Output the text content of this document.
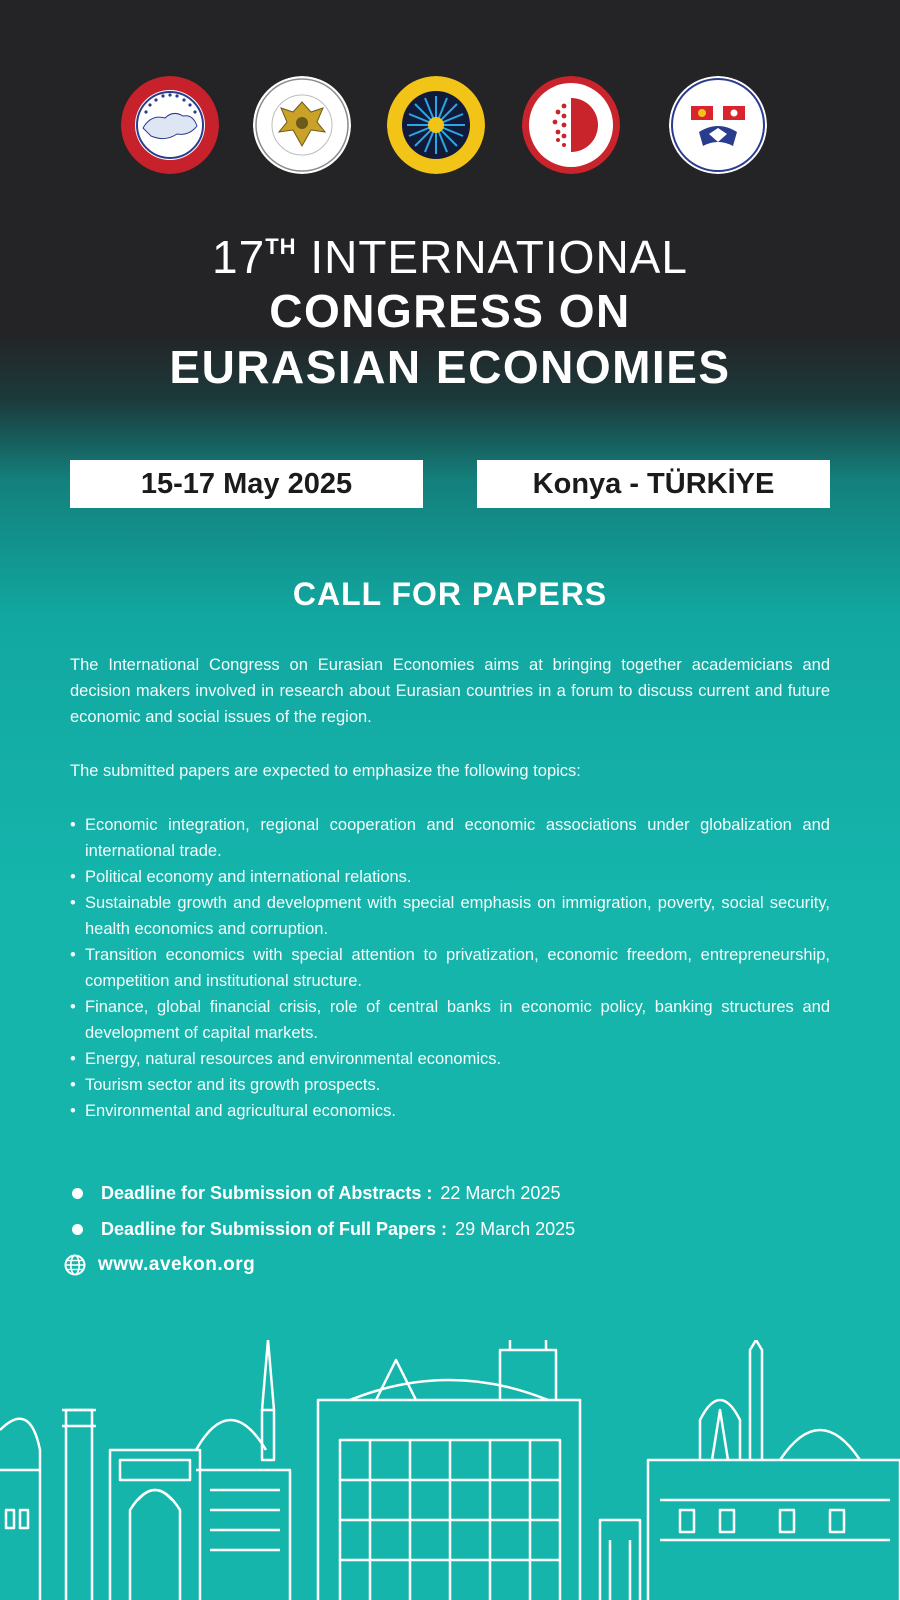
17TH INTERNATIONAL
CONGRESS ON
EURASIAN ECONOMIES
15-17 May 2025	Konya - TÜRKİYE
CALL FOR PAPERS

The International Congress on Eurasian Economies aims at bringing together academicians and decision makers involved in research about Eurasian countries in a forum to discuss current and future economic and social issues of the region.

The submitted papers are expected to emphasize the following topics:

• Economic integration, regional cooperation and economic associations under globalization and international trade.
• Political economy and international relations.
• Sustainable growth and development with special emphasis on immigration, poverty, social security, health economics and corruption.
• Transition economics with special attention to privatization, economic freedom, entrepreneurship, competition and institutional structure.
• Finance, global financial crisis, role of central banks in economic policy, banking structures and development of capital markets.
• Energy, natural resources and environmental economics.
• Tourism sector and its growth prospects.
• Environmental and agricultural economics.
Deadline for Submission of Abstracts : 22 March 2025
Deadline for Submission of Full Papers : 29 March 2025
www.avekon.org
